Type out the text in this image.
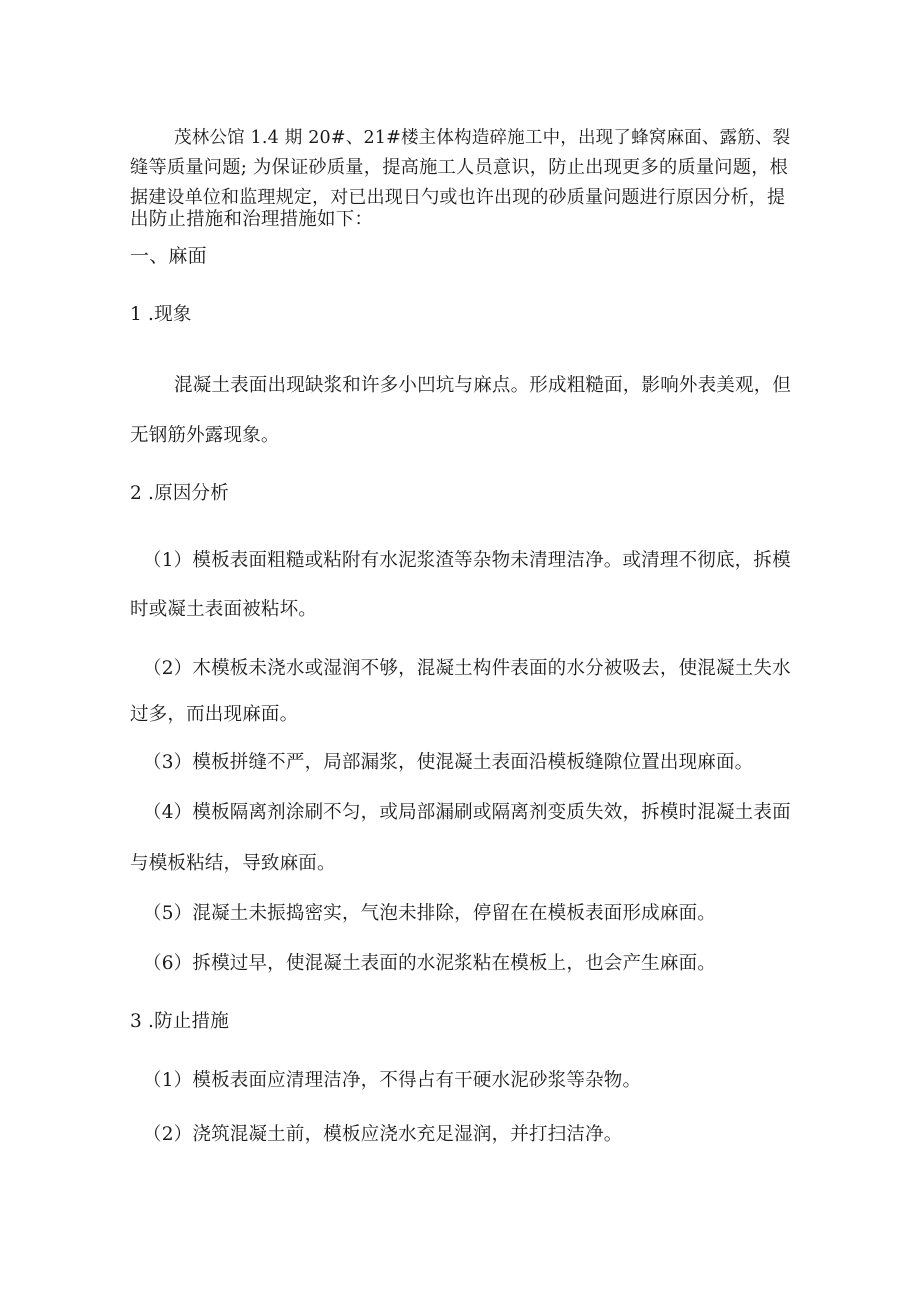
茂林公馆 1.4 期 20#、21#楼主体构造碎施工中，出现了蜂窝麻面、露筋、裂
缝等质量问题; 为保证砂质量，提高施工人员意识，防止出现更多的质量问题，根
据建设单位和监理规定，对已出现日勺或也许出现的砂质量问题进行原因分析，提
出防止措施和治理措施如下：
一、麻面
1 .现象
混凝土表面出现缺浆和许多小凹坑与麻点。形成粗糙面，影响外表美观，但
无钢筋外露现象。
2 .原因分析
（1）模板表面粗糙或粘附有水泥浆渣等杂物未清理洁净。或清理不彻底，拆模
时或凝土表面被粘坏。
（2）木模板未浇水或湿润不够，混凝土构件表面的水分被吸去，使混凝土失水
过多，而出现麻面。
（3）模板拼缝不严，局部漏浆，使混凝土表面沿模板缝隙位置出现麻面。
（4）模板隔离剂涂刷不匀，或局部漏刷或隔离剂变质失效，拆模时混凝土表面
与模板粘结，导致麻面。
（5）混凝土未振捣密实，气泡未排除，停留在在模板表面形成麻面。
（6）拆模过早，使混凝土表面的水泥浆粘在模板上，也会产生麻面。
3 .防止措施
（1）模板表面应清理洁净，不得占有干硬水泥砂浆等杂物。
（2）浇筑混凝土前，模板应浇水充足湿润，并打扫洁净。
